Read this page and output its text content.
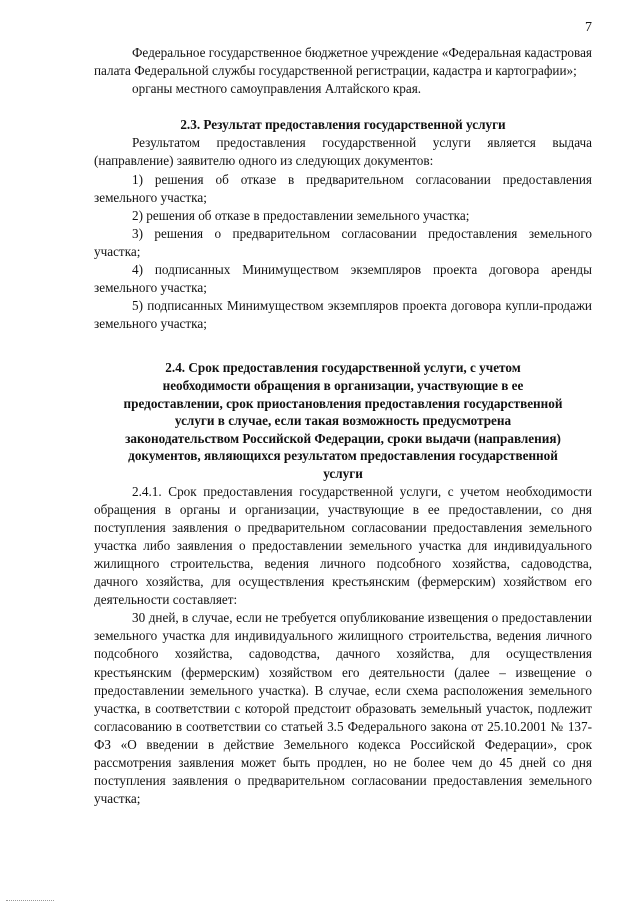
7

Федеральное государственное бюджетное учреждение «Федеральная кадастровая палата Федеральной службы государственной регистрации, кадастра и картографии»;

органы местного самоуправления Алтайского края.

2.3. Результат предоставления государственной услуги

Результатом предоставления государственной услуги является выдача (направление) заявителю одного из следующих документов:

1) решения об отказе в предварительном согласовании предоставления земельного участка;

2) решения об отказе в предоставлении земельного участка;

3) решения о предварительном согласовании предоставления земельного участка;

4) подписанных Минимуществом экземпляров проекта договора аренды земельного участка;

5) подписанных Минимуществом экземпляров проекта договора купли-продажи земельного участка;

2.4. Срок предоставления государственной услуги, с учетом необходимости обращения в организации, участвующие в ее предоставлении, срок приостановления предоставления государственной услуги в случае, если такая возможность предусмотрена законодательством Российской Федерации, сроки выдачи (направления) документов, являющихся результатом предоставления государственной услуги

2.4.1. Срок предоставления государственной услуги, с учетом необходимости обращения в органы и организации, участвующие в ее предоставлении, со дня поступления заявления о предварительном согласовании предоставления земельного участка либо заявления о предоставлении земельного участка для индивидуального жилищного строительства, ведения личного подсобного хозяйства, садоводства, дачного хозяйства, для осуществления крестьянским (фермерским) хозяйством его деятельности составляет:

30 дней, в случае, если не требуется опубликование извещения о предоставлении земельного участка для индивидуального жилищного строительства, ведения личного подсобного хозяйства, садоводства, дачного хозяйства, для осуществления крестьянским (фермерским) хозяйством его деятельности (далее – извещение о предоставлении земельного участка). В случае, если схема расположения земельного участка, в соответствии с которой предстоит образовать земельный участок, подлежит согласованию в соответствии со статьей 3.5 Федерального закона от 25.10.2001 № 137-ФЗ «О введении в действие Земельного кодекса Российской Федерации», срок рассмотрения заявления может быть продлен, но не более чем до 45 дней со дня поступления заявления о предварительном согласовании предоставления земельного участка;
